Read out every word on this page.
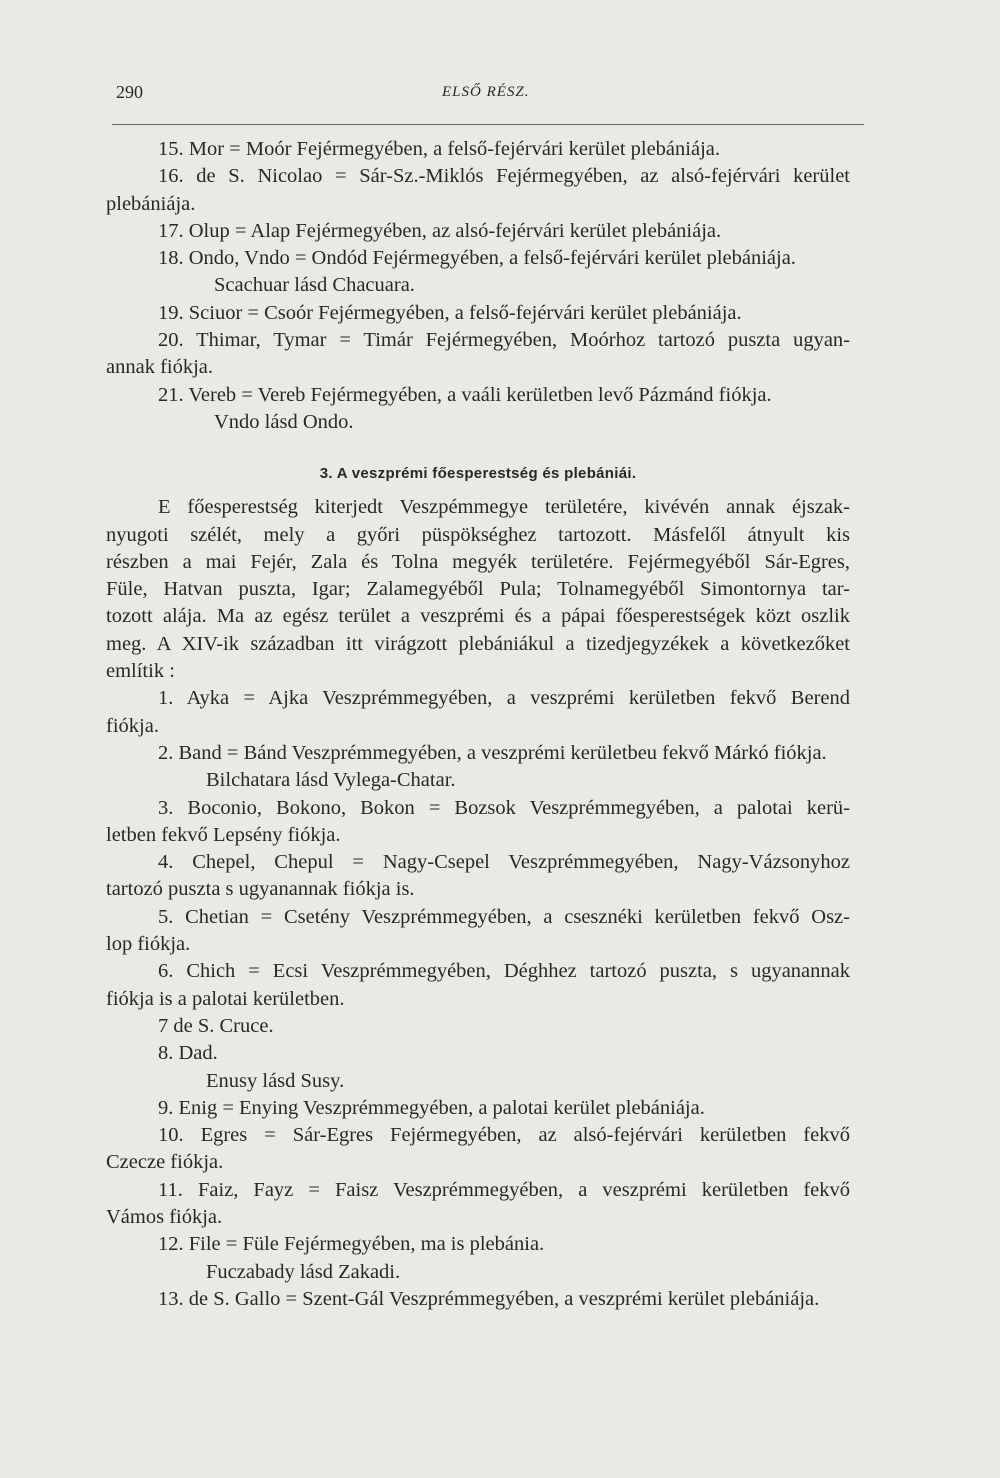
290	ELSŐ RÉSZ.
15. Mor = Moór Fejérmegyében, a felső-fejérvári kerület plebániája.
16. de S. Nicolao = Sár-Sz.-Miklós Fejérmegyében, az alsó-fejérvári kerület
plebániája.
17. Olup = Alap Fejérmegyében, az alsó-fejérvári kerület plebániája.
18. Ondo, Vndo = Ondód Fejérmegyében, a felső-fejérvári kerület plebániája.
Scachuar lásd Chacuara.
19. Sciuor = Csoór Fejérmegyében, a felső-fejérvári kerület plebániája.
20. Thimar, Tymar = Timár Fejérmegyében, Moórhoz tartozó puszta ugyan-
annak fiókja.
21. Vereb = Vereb Fejérmegyében, a vaáli kerületben levő Pázmánd fiókja.
Vndo lásd Ondo.
3. A veszprémi főesperestség és plebániái.
E főesperestség kiterjedt Veszpémmegye területére, kivévén annak éjszak-
nyugoti szélét, mely a győri püspökséghez tartozott. Másfelől átnyult kis
részben a mai Fejér, Zala és Tolna megyék területére. Fejérmegyéből Sár-Egres,
Füle, Hatvan puszta, Igar; Zalamegyéből Pula; Tolnamegyéből Simontornya tar-
tozott alája. Ma az egész terület a veszprémi és a pápai főesperestségek közt oszlik
meg. A XIV-ik században itt virágzott plebániákul a tizedjegyzékek a következőket
említik :
1. Ayka = Ajka Veszprémmegyében, a veszprémi kerületben fekvő Berend
fiókja.
2. Band = Bánd Veszprémmegyében, a veszprémi kerületbeu fekvő Márkó fiókja.
Bilchatara lásd Vylega-Chatar.
3. Boconio, Bokono, Bokon = Bozsok Veszprémmegyében, a palotai kerü-
letben fekvő Lepsény fiókja.
4. Chepel, Chepul = Nagy-Csepel Veszprémmegyében, Nagy-Vázsonyhoz
tartozó puszta s ugyanannak fiókja is.
5. Chetian = Csetény Veszprémmegyében, a csesznéki kerületben fekvő Osz-
lop fiókja.
6. Chich = Ecsi Veszprémmegyében, Déghhez tartozó puszta, s ugyanannak
fiókja is a palotai kerületben.
7 de S. Cruce.
8. Dad.
Enusy lásd Susy.
9. Enig = Enying Veszprémmegyében, a palotai kerület plebániája.
10. Egres = Sár-Egres Fejérmegyében, az alsó-fejérvári kerületben fekvő
Czecze fiókja.
11. Faiz, Fayz = Faisz Veszprémmegyében, a veszprémi kerületben fekvő
Vámos fiókja.
12. File = Füle Fejérmegyében, ma is plebánia.
Fuczabady lásd Zakadi.
13. de S. Gallo = Szent-Gál Veszprémmegyében, a veszprémi kerület plebániája.
